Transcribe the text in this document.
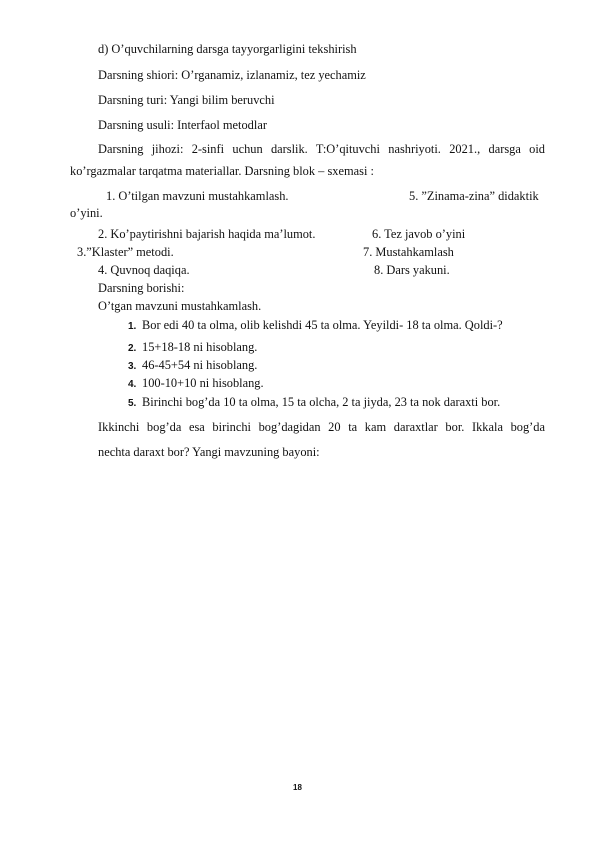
d) O’quvchilarning darsga tayyorgarligini tekshirish
Darsning shiori: O’rganamiz, izlanamiz, tez yechamiz
Darsning turi: Yangi bilim beruvchi
Darsning usuli: Interfaol metodlar
Darsning jihozi: 2-sinfi uchun darslik. T:O’qituvchi nashriyoti. 2021., darsga oid
ko’rgazmalar tarqatma materiallar. Darsning blok – sxemasi :
1. O’tilgan mavzuni mustahkamlash.	5. ”Zinama-zina” didaktik
o’yini.
2. Ko’paytirishni bajarish haqida ma’lumot.	6. Tez javob o’yini
3.”Klaster” metodi.	7. Mustahkamlash
4. Quvnoq daqiqa.	8. Dars yakuni.
Darsning borishi:
O’tgan mavzuni mustahkamlash.
1. Bor edi 40 ta olma, olib kelishdi 45 ta olma. Yeyildi- 18 ta olma. Qoldi-?
2. 15+18-18 ni hisoblang.
3. 46-45+54 ni hisoblang.
4. 100-10+10 ni hisoblang.
5. Birinchi bog’da 10 ta olma, 15 ta olcha, 2 ta jiyda, 23 ta nok daraxti bor.
Ikkinchi bog’da esa birinchi bog’dagidan 20 ta kam daraxtlar bor. Ikkala bog’da
nechta daraxt bor? Yangi mavzuning bayoni:
18
